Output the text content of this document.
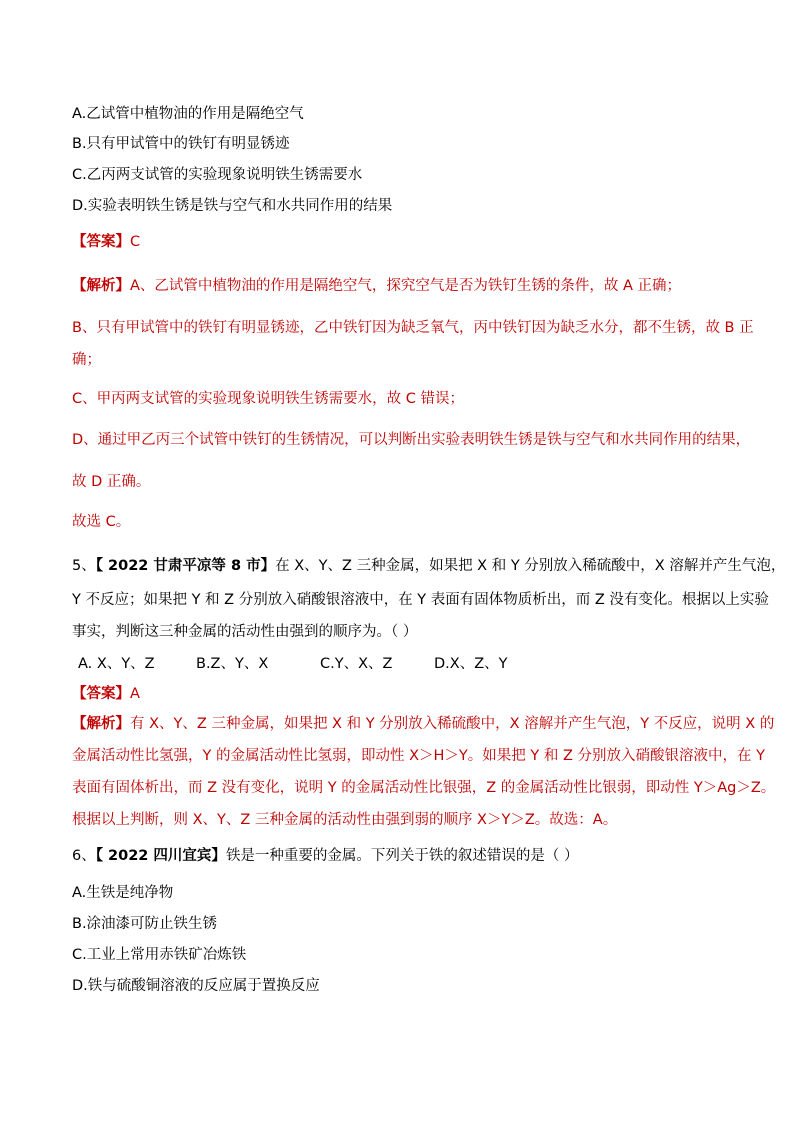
A.乙试管中植物油的作用是隔绝空气
B.只有甲试管中的铁钉有明显锈迹
C.乙丙两支试管的实验现象说明铁生锈需要水
D.实验表明铁生锈是铁与空气和水共同作用的结果
【答案】C
【解析】A、乙试管中植物油的作用是隔绝空气，探究空气是否为铁钉生锈的条件，故 A 正确；
B、只有甲试管中的铁钉有明显锈迹，乙中铁钉因为缺乏氧气，丙中铁钉因为缺乏水分，都不生锈，故 B 正
确；
C、甲丙两支试管的实验现象说明铁生锈需要水，故 C 错误；
D、通过甲乙丙三个试管中铁钉的生锈情况，可以判断出实验表明铁生锈是铁与空气和水共同作用的结果，
故 D 正确。
故选 C。
5、【 2022 甘肃平凉等 8 市】在 X、Y、Z 三种金属，如果把 X 和 Y 分别放入稀硫酸中，X 溶解并产生气泡，
Y 不反应；如果把 Y 和 Z 分别放入硝酸银溶液中，在 Y 表面有固体物质析出，而 Z 没有变化。根据以上实验
事实，判断这三种金属的活动性由强到的顺序为。（ ）
A. X、Y、Z	B.Z、Y、X	C.Y、X、Z	D.X、Z、Y
【答案】A
【解析】有 X、Y、Z 三种金属，如果把 X 和 Y 分别放入稀硫酸中，X 溶解并产生气泡，Y 不反应，说明 X 的
金属活动性比氢强，Y 的金属活动性比氢弱，即动性 X＞H＞Y。如果把 Y 和 Z 分别放入硝酸银溶液中，在 Y
表面有固体析出，而 Z 没有变化，说明 Y 的金属活动性比银强，Z 的金属活动性比银弱，即动性 Y＞Ag＞Z。
根据以上判断，则 X、Y、Z 三种金属的活动性由强到弱的顺序 X＞Y＞Z。故选：A。
6、【 2022 四川宜宾】铁是一种重要的金属。下列关于铁的叙述错误的是（ ）
A.生铁是纯净物
B.涂油漆可防止铁生锈
C.工业上常用赤铁矿冶炼铁
D.铁与硫酸铜溶液的反应属于置换反应
